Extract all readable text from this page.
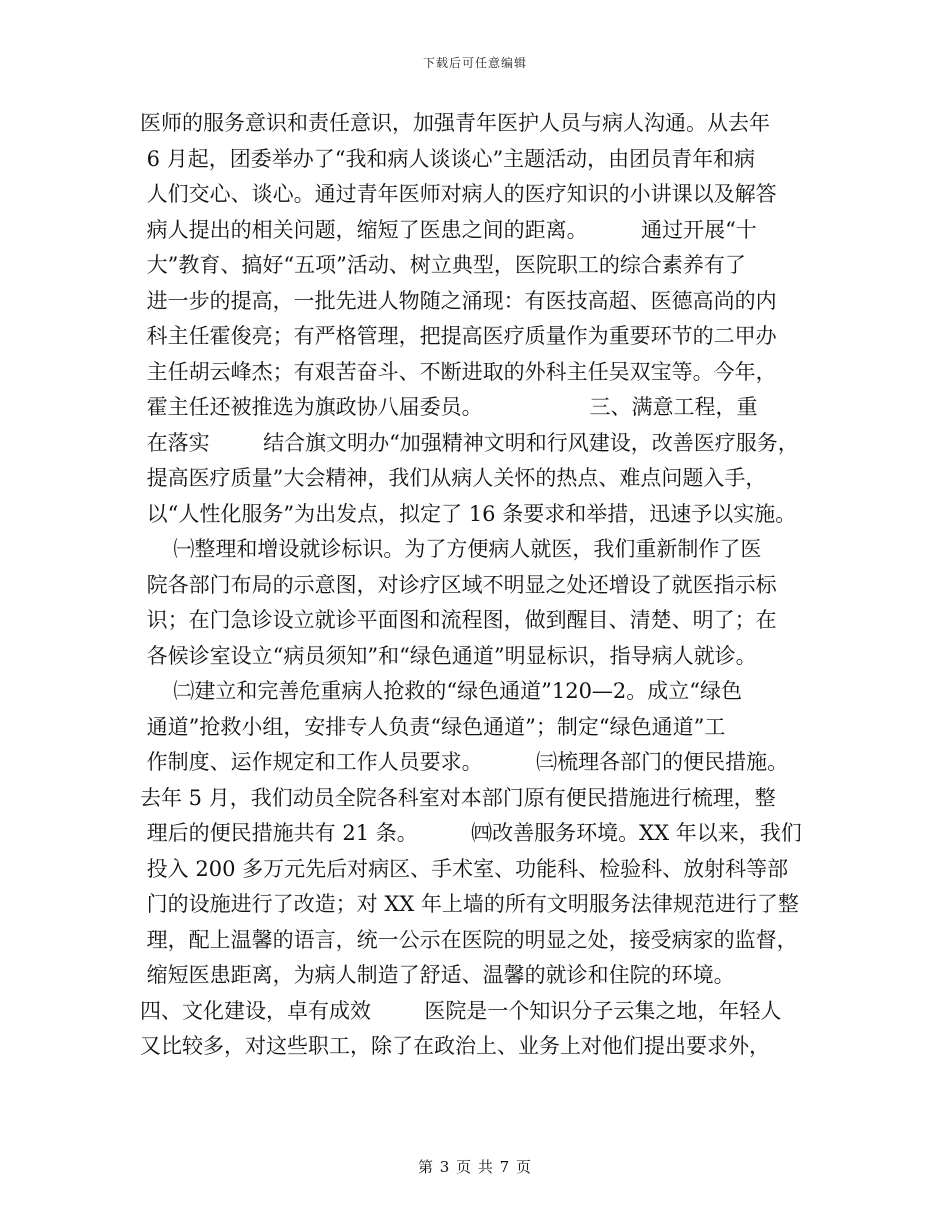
下载后可任意编辑
医师的服务意识和责任意识，加强青年医护人员与病人沟通。从去年
6 月起，团委举办了“我和病人谈谈心”主题活动，由团员青年和病
人们交心、谈心。通过青年医师对病人的医疗知识的小讲课以及解答
病人提出的相关问题，缩短了医患之间的距离。        通过开展“十
大”教育、搞好“五项”活动、树立典型，医院职工的综合素养有了
进一步的提高，一批先进人物随之涌现：有医技高超、医德高尚的内
科主任霍俊亮；有严格管理，把提高医疗质量作为重要环节的二甲办
主任胡云峰杰；有艰苦奋斗、不断进取的外科主任吴双宝等。今年，
霍主任还被推选为旗政协八届委员。                三、满意工程，重
在落实        结合旗文明办“加强精神文明和行风建设，改善医疗服务，
提高医疗质量”大会精神，我们从病人关怀的热点、难点问题入手，
以“人性化服务”为出发点，拟定了 16 条要求和举措，迅速予以实施。
㈠整理和增设就诊标识。为了方便病人就医，我们重新制作了医
院各部门布局的示意图，对诊疗区域不明显之处还增设了就医指示标
识；在门急诊设立就诊平面图和流程图，做到醒目、清楚、明了；在
各候诊室设立“病员须知”和“绿色通道”明显标识，指导病人就诊。
㈡建立和完善危重病人抢救的“绿色通道”120—2。成立“绿色
通道”抢救小组，安排专人负责“绿色通道”；制定“绿色通道”工
作制度、运作规定和工作人员要求。        ㈢梳理各部门的便民措施。
去年 5 月，我们动员全院各科室对本部门原有便民措施进行梳理，整
理后的便民措施共有 21 条。        ㈣改善服务环境。XX 年以来，我们
投入 200 多万元先后对病区、手术室、功能科、检验科、放射科等部
门的设施进行了改造；对 XX 年上墙的所有文明服务法律规范进行了整
理，配上温馨的语言，统一公示在医院的明显之处，接受病家的监督，
缩短医患距离，为病人制造了舒适、温馨的就诊和住院的环境。
四、文化建设，卓有成效        医院是一个知识分子云集之地，年轻人
又比较多，对这些职工，除了在政治上、业务上对他们提出要求外，
第 3 页 共 7 页
